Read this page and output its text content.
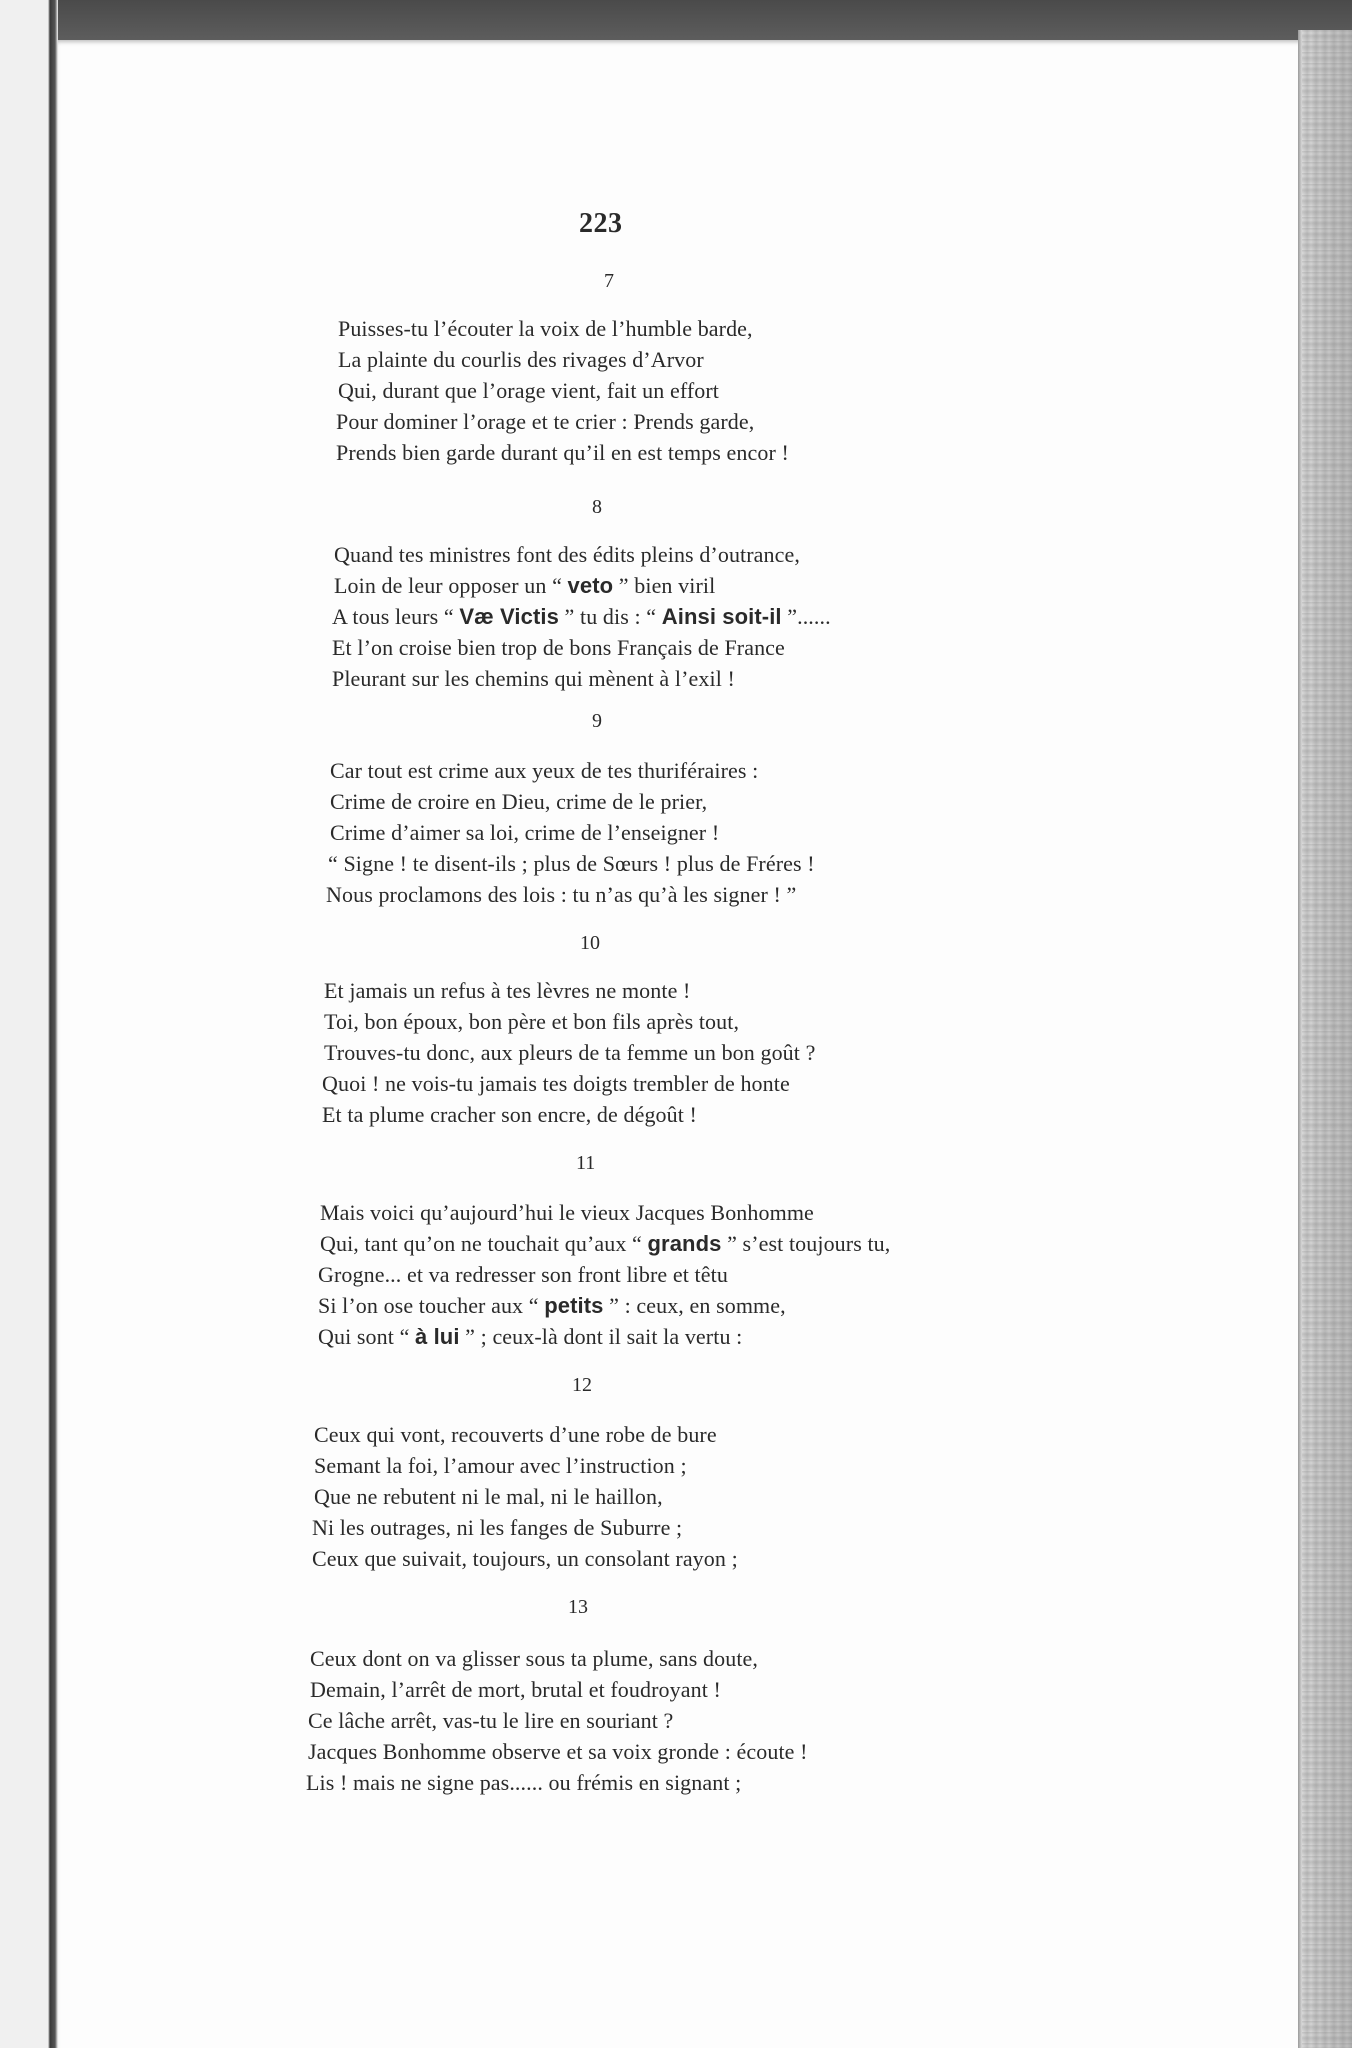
223
7
Puisses-tu l’écouter la voix de l’humble barde,
La plainte du courlis des rivages d’Arvor
Qui, durant que l’orage vient, fait un effort
Pour dominer l’orage et te crier : Prends garde,
Prends bien garde durant qu’il en est temps encor !
8
Quand tes ministres font des édits pleins d’outrance,
Loin de leur opposer un “ veto ” bien viril
A tous leurs “ Væ Victis ” tu dis : “ Ainsi soit-il ”......
Et l’on croise bien trop de bons Français de France
Pleurant sur les chemins qui mènent à l’exil !
9
Car tout est crime aux yeux de tes thuriféraires :
Crime de croire en Dieu, crime de le prier,
Crime d’aimer sa loi, crime de l’enseigner !
“ Signe ! te disent-ils ; plus de Sœurs ! plus de Fréres !
Nous proclamons des lois : tu n’as qu’à les signer ! ”
10
Et jamais un refus à tes lèvres ne monte !
Toi, bon époux, bon père et bon fils après tout,
Trouves-tu donc, aux pleurs de ta femme un bon goût ?
Quoi ! ne vois-tu jamais tes doigts trembler de honte
Et ta plume cracher son encre, de dégoût !
11
Mais voici qu’aujourd’hui le vieux Jacques Bonhomme
Qui, tant qu’on ne touchait qu’aux “ grands ” s’est toujours tu,
Grogne... et va redresser son front libre et têtu
Si l’on ose toucher aux “ petits ” : ceux, en somme,
Qui sont “ à lui ” ; ceux-là dont il sait la vertu :
12
Ceux qui vont, recouverts d’une robe de bure
Semant la foi, l’amour avec l’instruction ;
Que ne rebutent ni le mal, ni le haillon,
Ni les outrages, ni les fanges de Suburre ;
Ceux que suivait, toujours, un consolant rayon ;
13
Ceux dont on va glisser sous ta plume, sans doute,
Demain, l’arrêt de mort, brutal et foudroyant !
Ce lâche arrêt, vas-tu le lire en souriant ?
Jacques Bonhomme observe et sa voix gronde : écoute !
Lis ! mais ne signe pas...... ou frémis en signant ;
